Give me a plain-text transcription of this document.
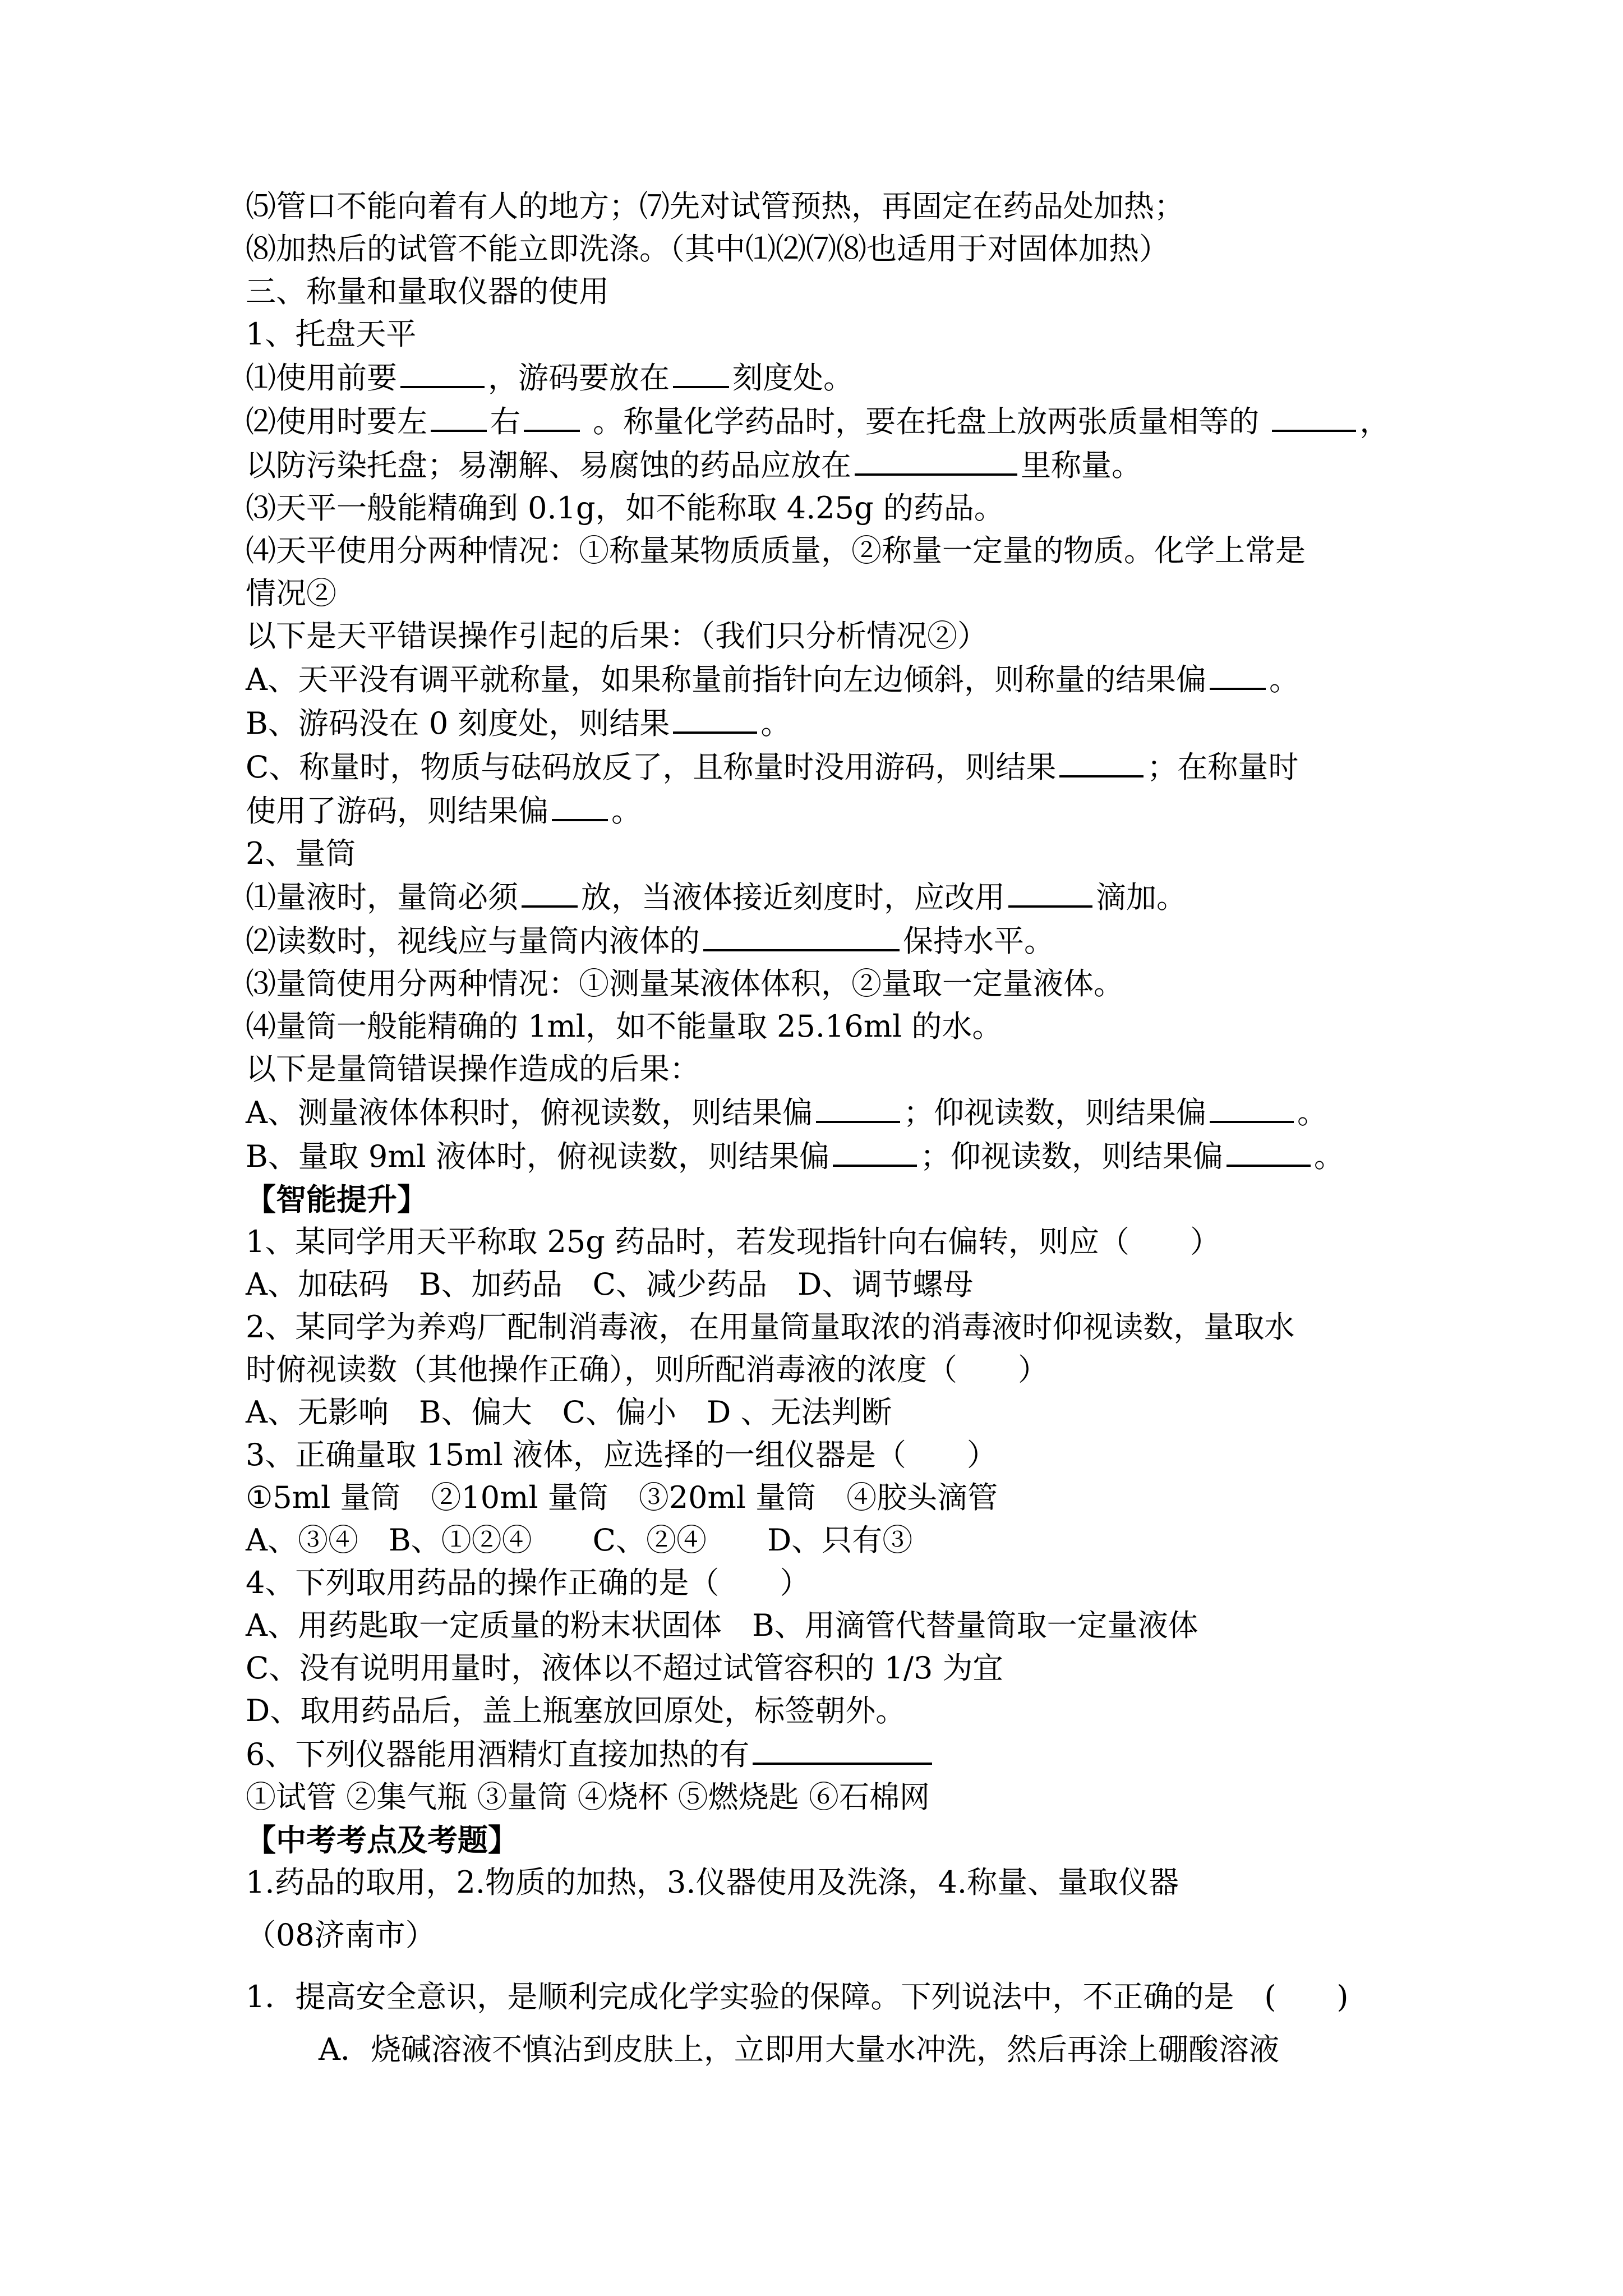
⑸管口不能向着有人的地方；⑺先对试管预热，再固定在药品处加热；
⑻加热后的试管不能立即洗涤。（其中⑴⑵⑺⑻也适用于对固体加热）
三、称量和量取仪器的使用
1、托盘天平
⑴使用前要	，游码要放在 刻度处。
⑵使用时要左 右 。称量化学药品时，要在托盘上放两张质量相等的	，
以防污染托盘；易潮解、易腐蚀的药品应放在	里称量。
⑶天平一般能精确到 0.1g，如不能称取 4.25g 的药品。
⑷天平使用分两种情况：①称量某物质质量，②称量一定量的物质。化学上常是
情况②
以下是天平错误操作引起的后果：（我们只分析情况②）
A、天平没有调平就称量，如果称量前指针向左边倾斜，则称量的结果偏 。
B、游码没在 0 刻度处，则结果	。
C、称量时，物质与砝码放反了，且称量时没用游码，则结果	；在称量时
使用了游码，则结果偏 。
2、量筒
⑴量液时，量筒必须 放，当液体接近刻度时，应改用	滴加。
⑵读数时，视线应与量筒内液体的	保持水平。
⑶量筒使用分两种情况：①测量某液体体积，②量取一定量液体。
⑷量筒一般能精确的 1ml，如不能量取 25.16ml 的水。
以下是量筒错误操作造成的后果：
A、测量液体体积时，俯视读数，则结果偏	；仰视读数，则结果偏	。
B、量取 9ml 液体时，俯视读数，则结果偏	；仰视读数，则结果偏	。
【智能提升】
1、某同学用天平称取 25g 药品时，若发现指针向右偏转，则应（　　）
A、加砝码　B、加药品　C、减少药品　D、调节螺母
2、某同学为养鸡厂配制消毒液，在用量筒量取浓的消毒液时仰视读数，量取水
时俯视读数（其他操作正确），则所配消毒液的浓度（　　）
A、无影响　B、偏大　C、偏小　D 、无法判断
3、正确量取 15ml 液体，应选择的一组仪器是（　　）
①5ml 量筒　②10ml 量筒　③20ml 量筒　④胶头滴管
A、③④　B、①②④　　C、②④　　D、只有③
4、下列取用药品的操作正确的是（　　）
A、用药匙取一定质量的粉末状固体　B、用滴管代替量筒取一定量液体
C、没有说明用量时，液体以不超过试管容积的 1/3 为宜
D、取用药品后，盖上瓶塞放回原处，标签朝外。
6、下列仪器能用酒精灯直接加热的有
①试管 ②集气瓶 ③量筒 ④烧杯 ⑤燃烧匙 ⑥石棉网
【中考考点及考题】
1.药品的取用，2.物质的加热，3.仪器使用及洗涤，4.称量、量取仪器
（08济南市）
1．提高安全意识，是顺利完成化学实验的保障。下列说法中，不正确的是　(　　)
A．烧碱溶液不慎沾到皮肤上，立即用大量水冲洗，然后再涂上硼酸溶液
